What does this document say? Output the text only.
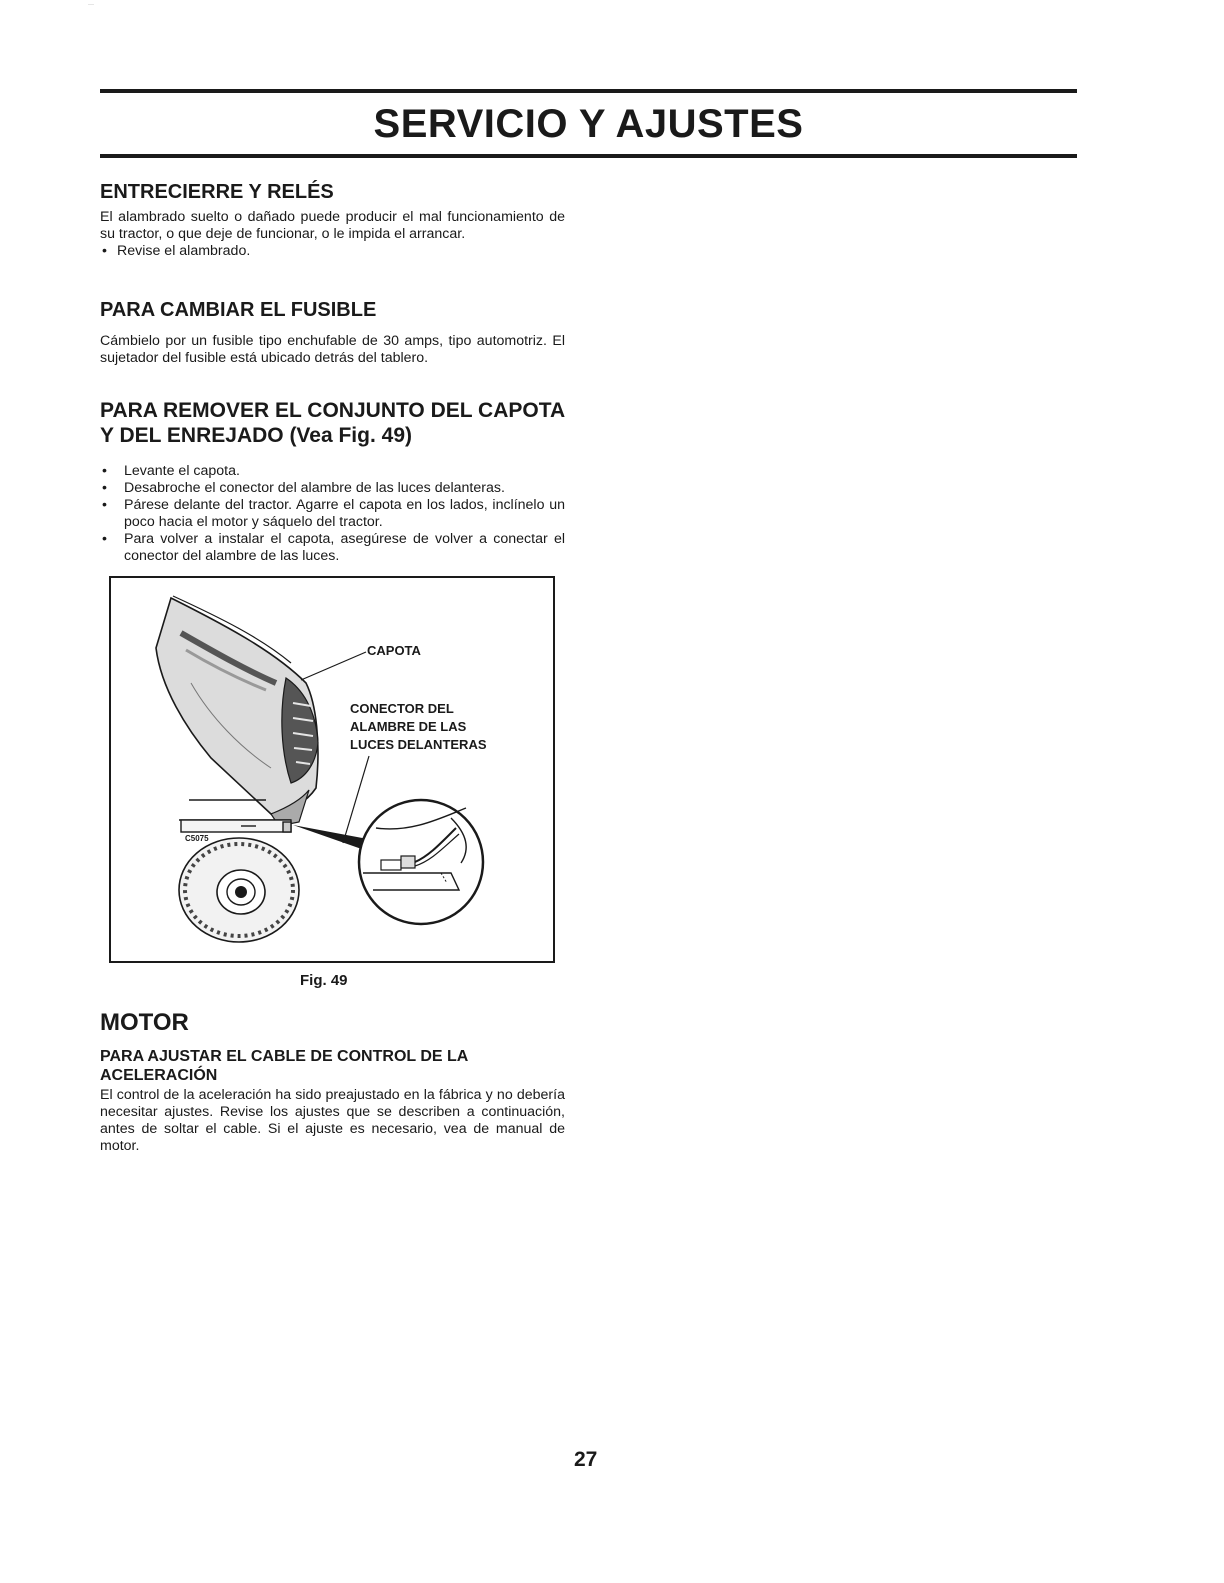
···
SERVICIO Y AJUSTES
ENTRECIERRE Y RELÉS

El alambrado suelto o dañado puede producir el mal funcionamiento de su tractor, o que deje de funcionar, o le impida el arrancar.

• Revise el alambrado.
PARA CAMBIAR EL FUSIBLE

Cámbielo por un fusible tipo enchufable de 30 amps, tipo automotriz. El sujetador del fusible está ubicado detrás del tablero.

PARA REMOVER EL CONJUNTO DEL CAPOTA Y DEL ENREJADO (Vea Fig. 49)
• Levante el capota.
• Desabroche el conector del alambre de las luces delanteras.
• Párese delante del tractor. Agarre el capota en los lados, inclínelo un poco hacia el motor y sáquelo del tractor.
• Para volver a instalar el capota, asegúrese de volver a conectar el conector del alambre de las luces.
CAPOTA
CONECTOR DEL
ALAMBRE DE LAS
LUCES DELANTERAS
C5075
Fig. 49
MOTOR
PARA AJUSTAR EL CABLE DE CONTROL DE LA ACELERACIÓN

El control de la aceleración ha sido preajustado en la fábrica y no debería necesitar ajustes. Revise los ajustes que se describen a continuación, antes de soltar el cable. Si el ajuste es necesario, vea de manual de motor.

27
